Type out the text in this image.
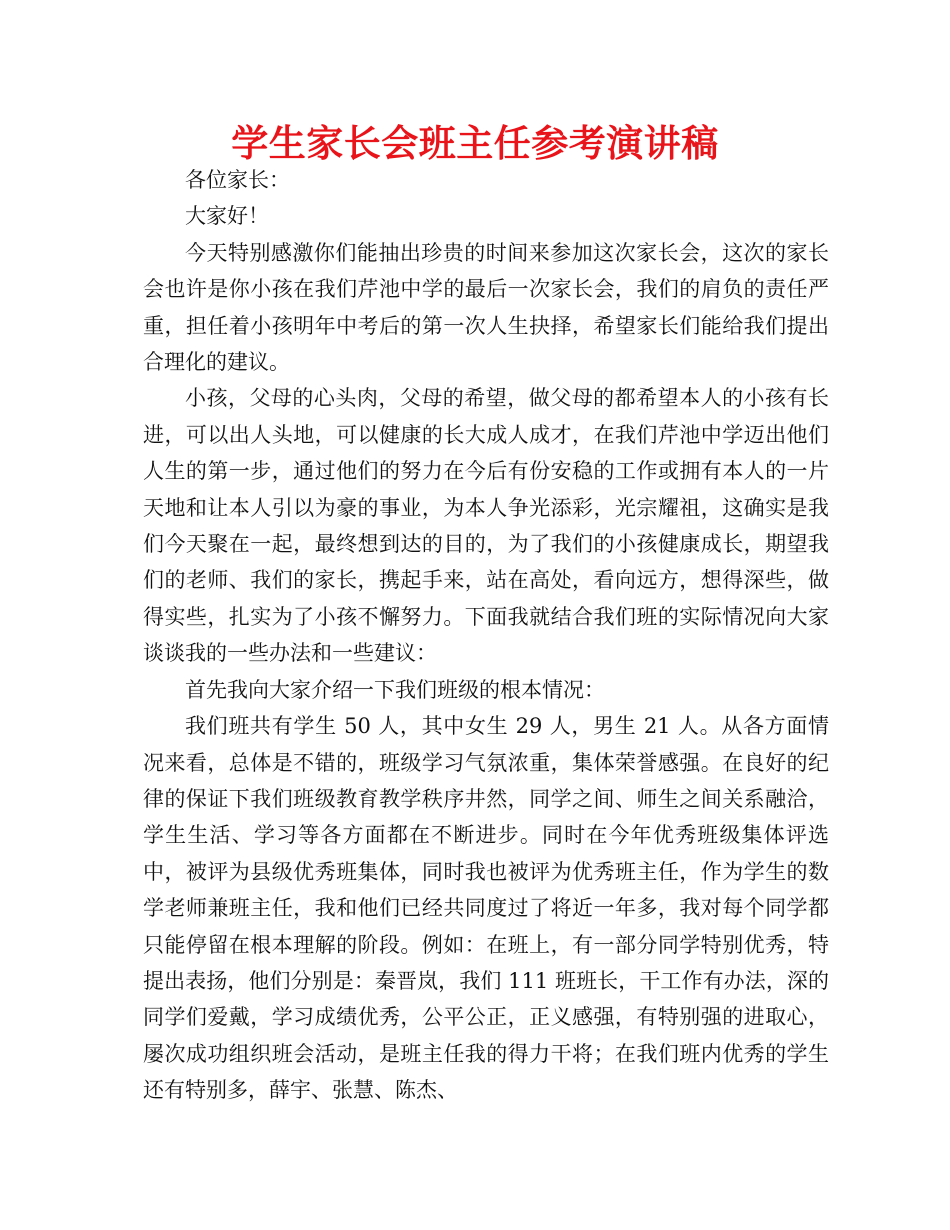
学生家长会班主任参考演讲稿

各位家长：

大家好！

今天特别感激你们能抽出珍贵的时间来参加这次家长会，这次的家长会也许是你小孩在我们芹池中学的最后一次家长会，我们的肩负的责任严重，担任着小孩明年中考后的第一次人生抉择，希望家长们能给我们提出合理化的建议。

小孩，父母的心头肉，父母的希望，做父母的都希望本人的小孩有长进，可以出人头地，可以健康的长大成人成才，在我们芹池中学迈出他们人生的第一步，通过他们的努力在今后有份安稳的工作或拥有本人的一片天地和让本人引以为豪的事业，为本人争光添彩，光宗耀祖，这确实是我们今天聚在一起，最终想到达的目的，为了我们的小孩健康成长，期望我们的老师、我们的家长，携起手来，站在高处，看向远方，想得深些，做得实些，扎实为了小孩不懈努力。下面我就结合我们班的实际情况向大家谈谈我的一些办法和一些建议：

首先我向大家介绍一下我们班级的根本情况：

我们班共有学生 50 人，其中女生 29 人，男生 21 人。从各方面情况来看，总体是不错的，班级学习气氛浓重，集体荣誉感强。在良好的纪律的保证下我们班级教育教学秩序井然，同学之间、师生之间关系融洽，学生生活、学习等各方面都在不断进步。同时在今年优秀班级集体评选中，被评为县级优秀班集体，同时我也被评为优秀班主任，作为学生的数学老师兼班主任，我和他们已经共同度过了将近一年多，我对每个同学都只能停留在根本理解的阶段。例如：在班上，有一部分同学特别优秀，特提出表扬，他们分别是：秦晋岚，我们 111 班班长，干工作有办法，深的同学们爱戴，学习成绩优秀，公平公正，正义感强，有特别强的进取心，屡次成功组织班会活动，是班主任我的得力干将；在我们班内优秀的学生还有特别多，薛宇、张慧、陈杰、
